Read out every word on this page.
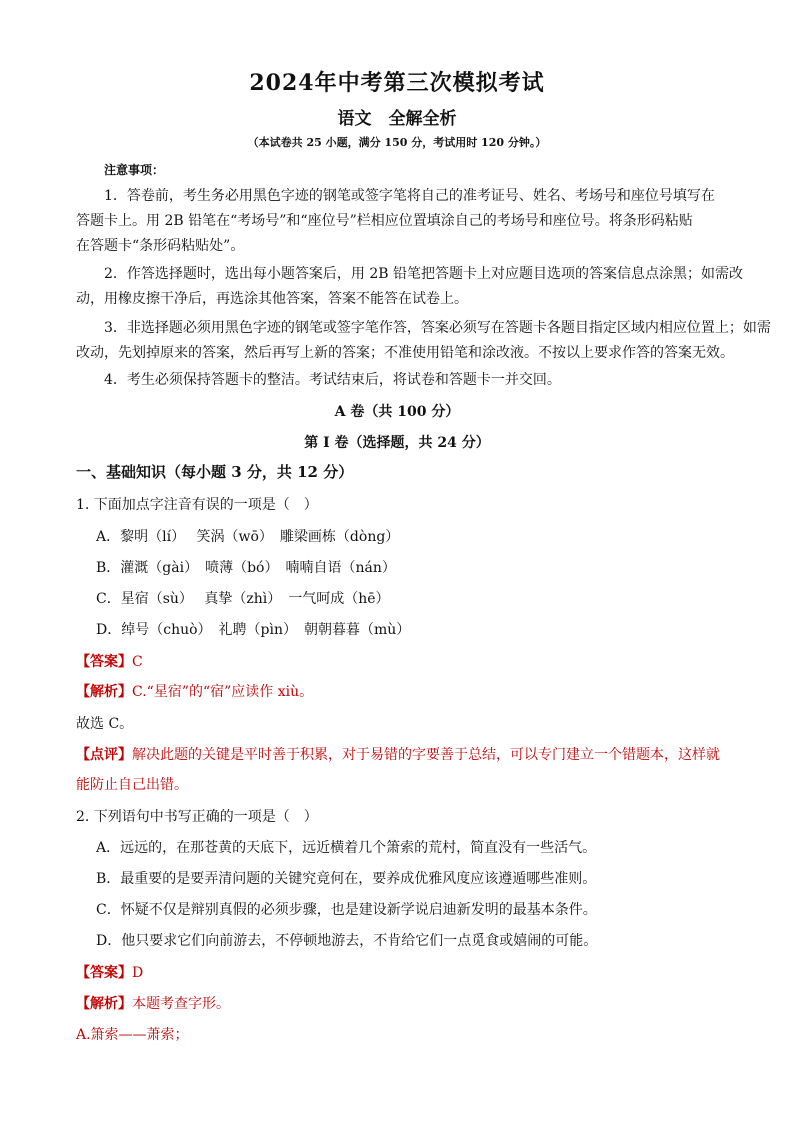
2024年中考第三次模拟考试
语文　全解全析
（本试卷共 25 小题，满分 150 分，考试用时 120 分钟。）
注意事项：
1．答卷前，考生务必用黑色字迹的钢笔或签字笔将自己的准考证号、姓名、考场号和座位号填写在
答题卡上。用 2B 铅笔在“考场号”和“座位号”栏相应位置填涂自己的考场号和座位号。将条形码粘贴
在答题卡“条形码粘贴处”。
2．作答选择题时，选出每小题答案后，用 2B 铅笔把答题卡上对应题目选项的答案信息点涂黑；如需改
动，用橡皮擦干净后，再选涂其他答案，答案不能答在试卷上。
3．非选择题必须用黑色字迹的钢笔或签字笔作答，答案必须写在答题卡各题目指定区域内相应位置上；如需
改动，先划掉原来的答案，然后再写上新的答案；不准使用铅笔和涂改液。不按以上要求作答的答案无效。
4．考生必须保持答题卡的整洁。考试结束后，将试卷和答题卡一并交回。
A 卷（共 100 分）
第 I 卷（选择题，共 24 分）
一、基础知识（每小题 3 分，共 12 分）
1. 下面加点字注音有误的一项是（　）
A．黎明（lí）　 笑涡（wō）　雕梁画栋（dòng）
B．灌溉（gài）　喷薄（bó）　喃喃自语（nán）
C．星宿（sù）　 真挚（zhì）　一气呵成（hē）
D．绰号（chuò）　礼聘（pìn）　朝朝暮暮（mù）
【答案】C
【解析】C.“星宿”的“宿”应读作 xiù。
故选 C。
【点评】解决此题的关键是平时善于积累，对于易错的字要善于总结，可以专门建立一个错题本，这样就
能防止自己出错。
2. 下列语句中书写正确的一项是（　）
A．远远的，在那苍黄的天底下，远近横着几个箫索的荒村，简直没有一些活气。
B．最重要的是要弄清问题的关键究竟何在，要养成优雅风度应该遵遁哪些准则。
C．怀疑不仅是辩别真假的必须步骤，也是建设新学说启迪新发明的最基本条件。
D．他只要求它们向前游去，不停顿地游去，不肯给它们一点觅食或嬉闹的可能。
【答案】D
【解析】本题考查字形。
A.箫索——萧索；
